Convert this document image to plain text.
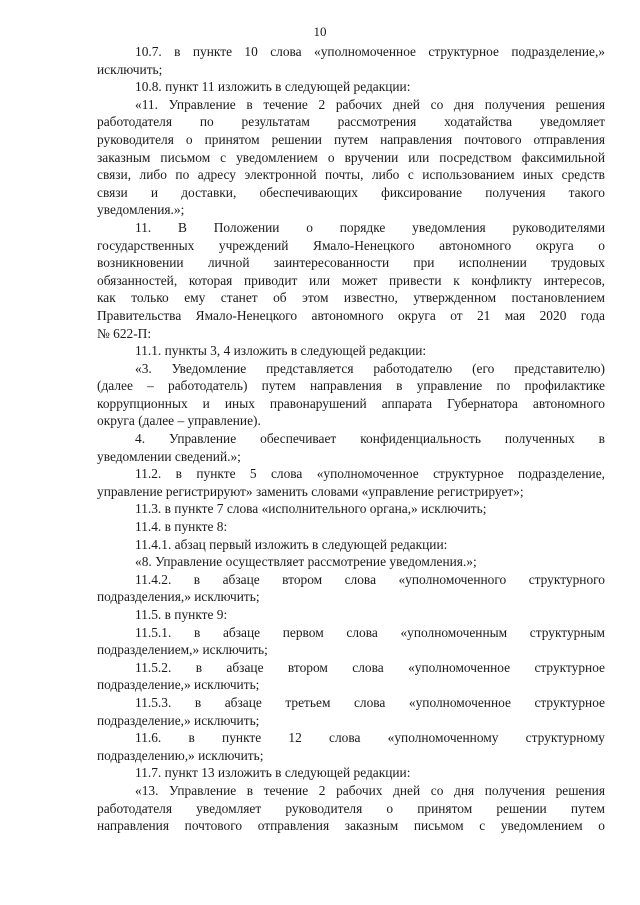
10
10.7. в пункте 10 слова «уполномоченное структурное подразделение,»
исключить;
10.8. пункт 11 изложить в следующей редакции:
«11. Управление в течение 2 рабочих дней со дня получения решения
работодателя по результатам рассмотрения ходатайства уведомляет
руководителя о принятом решении путем направления почтового отправления
заказным письмом с уведомлением о вручении или посредством факсимильной
связи, либо по адресу электронной почты, либо с использованием иных средств
связи и доставки, обеспечивающих фиксирование получения такого
уведомления.»;
11. В Положении о порядке уведомления руководителями
государственных учреждений Ямало-Ненецкого автономного округа о
возникновении личной заинтересованности при исполнении трудовых
обязанностей, которая приводит или может привести к конфликту интересов,
как только ему станет об этом известно, утвержденном постановлением
Правительства Ямало-Ненецкого автономного округа от 21 мая 2020 года
№ 622-П:
11.1. пункты 3, 4 изложить в следующей редакции:
«3. Уведомление представляется работодателю (его представителю)
(далее – работодатель) путем направления в управление по профилактике
коррупционных и иных правонарушений аппарата Губернатора автономного
округа (далее – управление).
4. Управление обеспечивает конфиденциальность полученных в
уведомлении сведений.»;
11.2. в пункте 5 слова «уполномоченное структурное подразделение,
управление регистрируют» заменить словами «управление регистрирует»;
11.3. в пункте 7 слова «исполнительного органа,» исключить;
11.4. в пункте 8:
11.4.1. абзац первый изложить в следующей редакции:
«8. Управление осуществляет рассмотрение уведомления.»;
11.4.2. в абзаце втором слова «уполномоченного структурного
подразделения,» исключить;
11.5. в пункте 9:
11.5.1. в абзаце первом слова «уполномоченным структурным
подразделением,» исключить;
11.5.2. в абзаце втором слова «уполномоченное структурное
подразделение,» исключить;
11.5.3. в абзаце третьем слова «уполномоченное структурное
подразделение,» исключить;
11.6. в пункте 12 слова «уполномоченному структурному
подразделению,» исключить;
11.7. пункт 13 изложить в следующей редакции:
«13. Управление в течение 2 рабочих дней со дня получения решения
работодателя уведомляет руководителя о принятом решении путем
направления почтового отправления заказным письмом с уведомлением о
